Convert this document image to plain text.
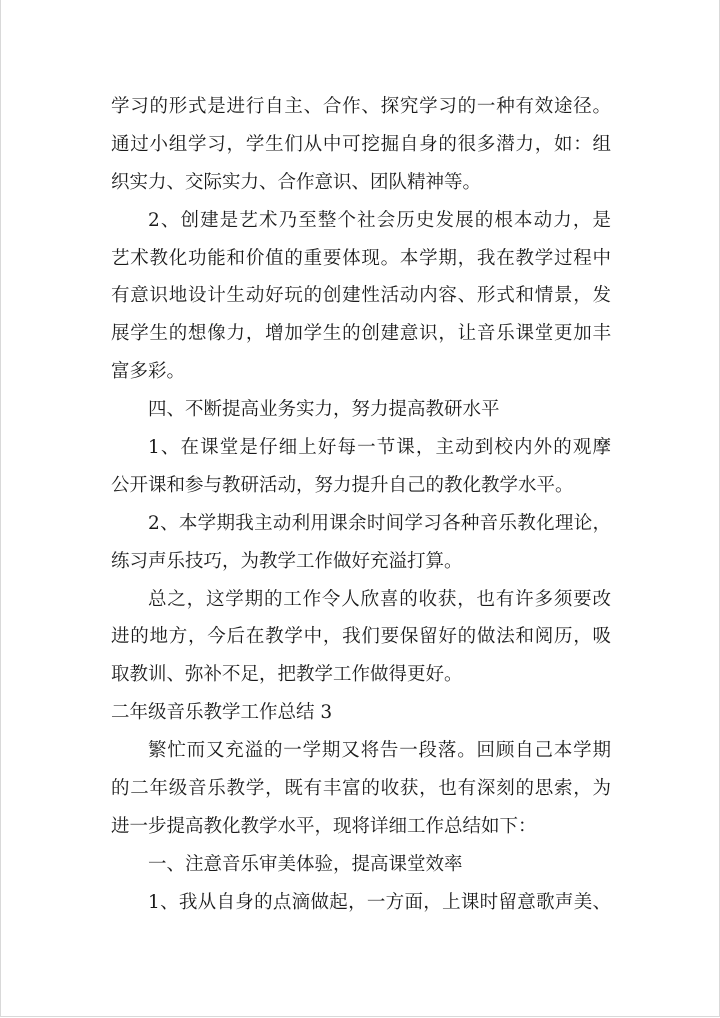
学习的形式是进行自主、合作、探究学习的一种有效途径。
通过小组学习，学生们从中可挖掘自身的很多潜力，如：组
织实力、交际实力、合作意识、团队精神等。
2、创建是艺术乃至整个社会历史发展的根本动力，是
艺术教化功能和价值的重要体现。本学期，我在教学过程中
有意识地设计生动好玩的创建性活动内容、形式和情景，发
展学生的想像力，增加学生的创建意识，让音乐课堂更加丰
富多彩。
四、不断提高业务实力，努力提高教研水平
1、在课堂是仔细上好每一节课，主动到校内外的观摩
公开课和参与教研活动，努力提升自己的教化教学水平。
2、本学期我主动利用课余时间学习各种音乐教化理论，
练习声乐技巧，为教学工作做好充溢打算。
总之，这学期的工作令人欣喜的收获，也有许多须要改
进的地方，今后在教学中，我们要保留好的做法和阅历，吸
取教训、弥补不足，把教学工作做得更好。
二年级音乐教学工作总结 3
繁忙而又充溢的一学期又将告一段落。回顾自己本学期
的二年级音乐教学，既有丰富的收获，也有深刻的思索，为
进一步提高教化教学水平，现将详细工作总结如下：
一、注意音乐审美体验，提高课堂效率
1、我从自身的点滴做起，一方面，上课时留意歌声美、
